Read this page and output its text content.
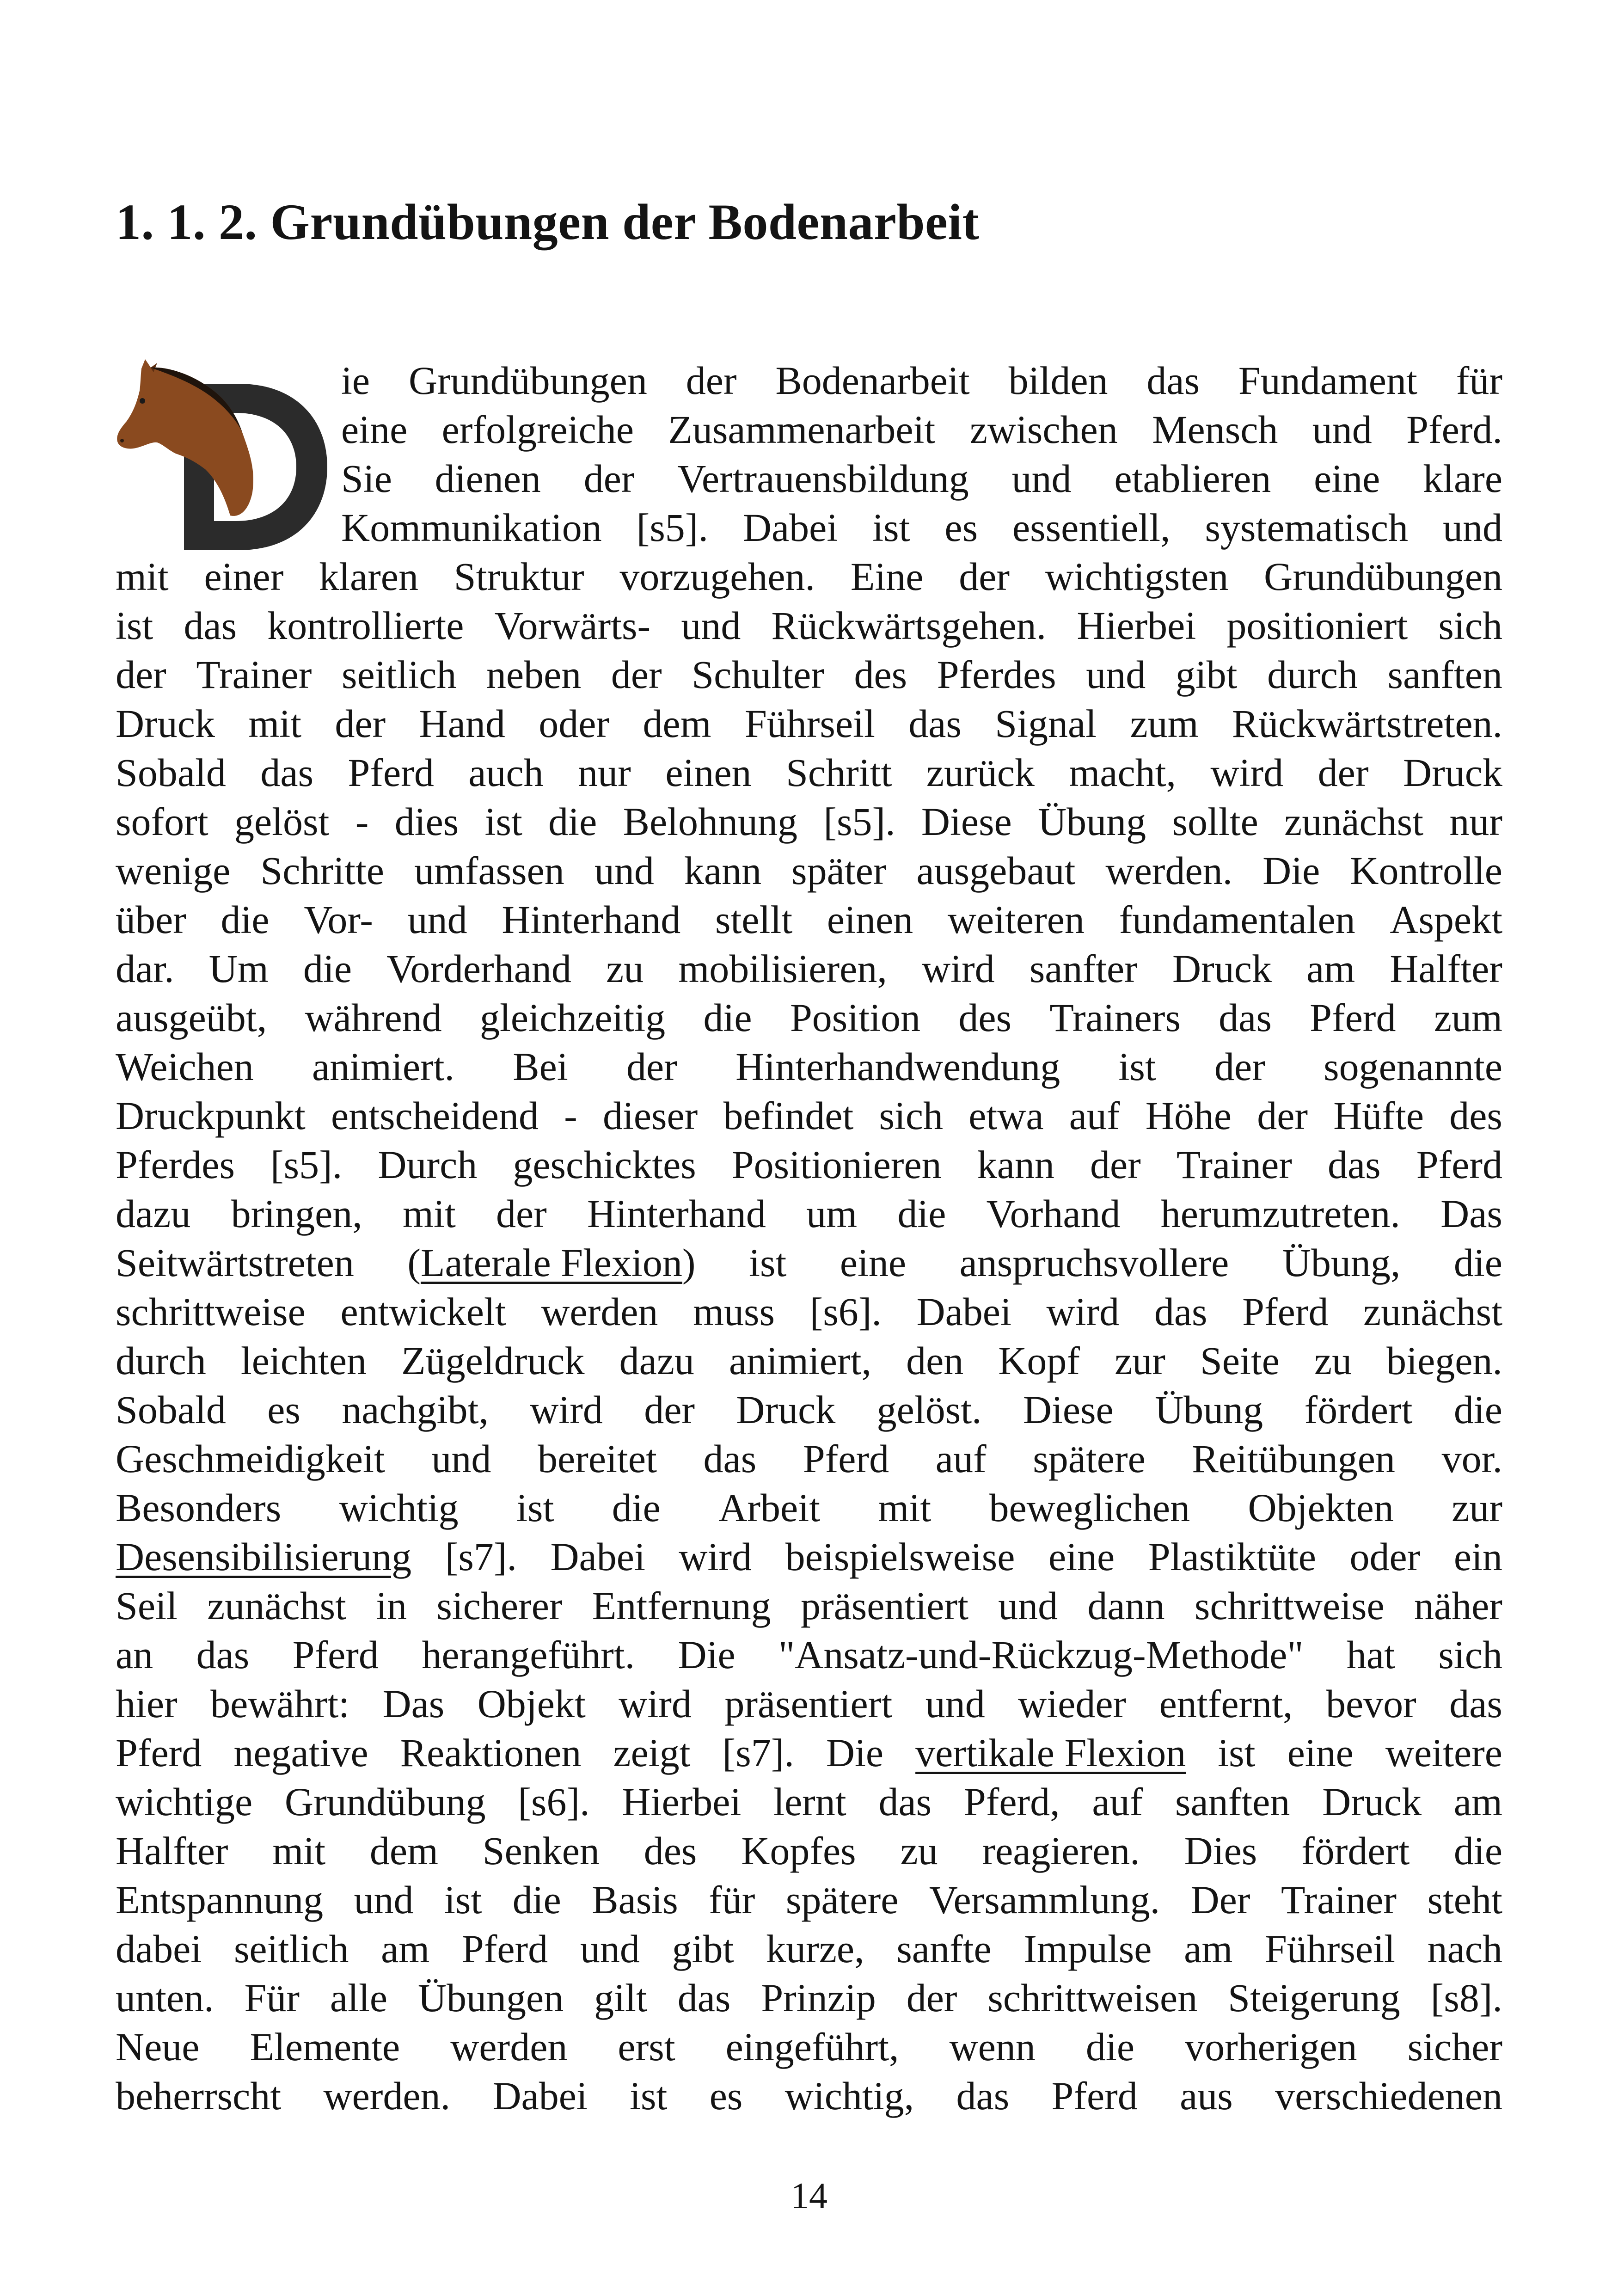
1. 1. 2. Grundübungen der Bodenarbeit
ie Grundübungen der Bodenarbeit bilden das Fundament für
eine erfolgreiche Zusammenarbeit zwischen Mensch und Pferd.
Sie dienen der Vertrauensbildung und etablieren eine klare
Kommunikation [s5]. Dabei ist es essentiell, systematisch und
mit einer klaren Struktur vorzugehen. Eine der wichtigsten Grundübungen
ist das kontrollierte Vorwärts- und Rückwärtsgehen. Hierbei positioniert sich
der Trainer seitlich neben der Schulter des Pferdes und gibt durch sanften
Druck mit der Hand oder dem Führseil das Signal zum Rückwärtstreten.
Sobald das Pferd auch nur einen Schritt zurück macht, wird der Druck
sofort gelöst - dies ist die Belohnung [s5]. Diese Übung sollte zunächst nur
wenige Schritte umfassen und kann später ausgebaut werden. Die Kontrolle
über die Vor- und Hinterhand stellt einen weiteren fundamentalen Aspekt
dar. Um die Vorderhand zu mobilisieren, wird sanfter Druck am Halfter
ausgeübt, während gleichzeitig die Position des Trainers das Pferd zum
Weichen animiert. Bei der Hinterhandwendung ist der sogenannte
Druckpunkt entscheidend - dieser befindet sich etwa auf Höhe der Hüfte des
Pferdes [s5]. Durch geschicktes Positionieren kann der Trainer das Pferd
dazu bringen, mit der Hinterhand um die Vorhand herumzutreten. Das
Seitwärtstreten (Laterale Flexion) ist eine anspruchsvollere Übung, die
schrittweise entwickelt werden muss [s6]. Dabei wird das Pferd zunächst
durch leichten Zügeldruck dazu animiert, den Kopf zur Seite zu biegen.
Sobald es nachgibt, wird der Druck gelöst. Diese Übung fördert die
Geschmeidigkeit und bereitet das Pferd auf spätere Reitübungen vor.
Besonders wichtig ist die Arbeit mit beweglichen Objekten zur
Desensibilisierung [s7]. Dabei wird beispielsweise eine Plastiktüte oder ein
Seil zunächst in sicherer Entfernung präsentiert und dann schrittweise näher
an das Pferd herangeführt. Die "Ansatz-und-Rückzug-Methode" hat sich
hier bewährt: Das Objekt wird präsentiert und wieder entfernt, bevor das
Pferd negative Reaktionen zeigt [s7]. Die vertikale Flexion ist eine weitere
wichtige Grundübung [s6]. Hierbei lernt das Pferd, auf sanften Druck am
Halfter mit dem Senken des Kopfes zu reagieren. Dies fördert die
Entspannung und ist die Basis für spätere Versammlung. Der Trainer steht
dabei seitlich am Pferd und gibt kurze, sanfte Impulse am Führseil nach
unten. Für alle Übungen gilt das Prinzip der schrittweisen Steigerung [s8].
Neue Elemente werden erst eingeführt, wenn die vorherigen sicher
beherrscht werden. Dabei ist es wichtig, das Pferd aus verschiedenen
14
